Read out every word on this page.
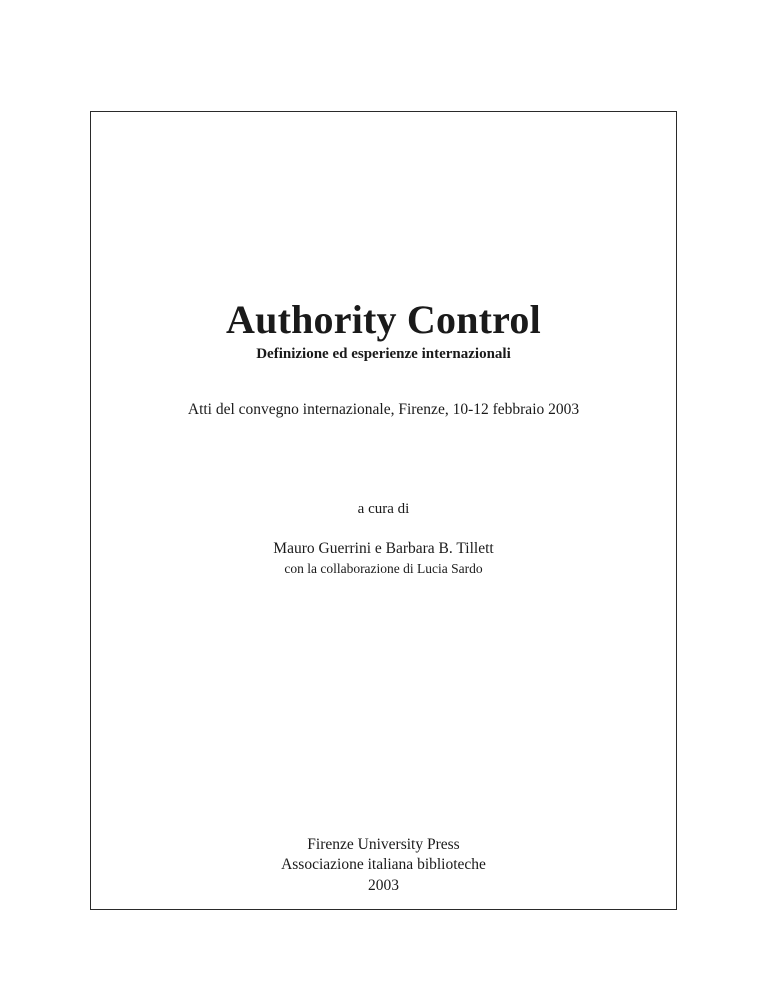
Authority Control
Definizione ed esperienze internazionali
Atti del convegno internazionale, Firenze, 10-12 febbraio 2003
a cura di
Mauro Guerrini e Barbara B. Tillett
con la collaborazione di Lucia Sardo
Firenze University Press
Associazione italiana biblioteche
2003
